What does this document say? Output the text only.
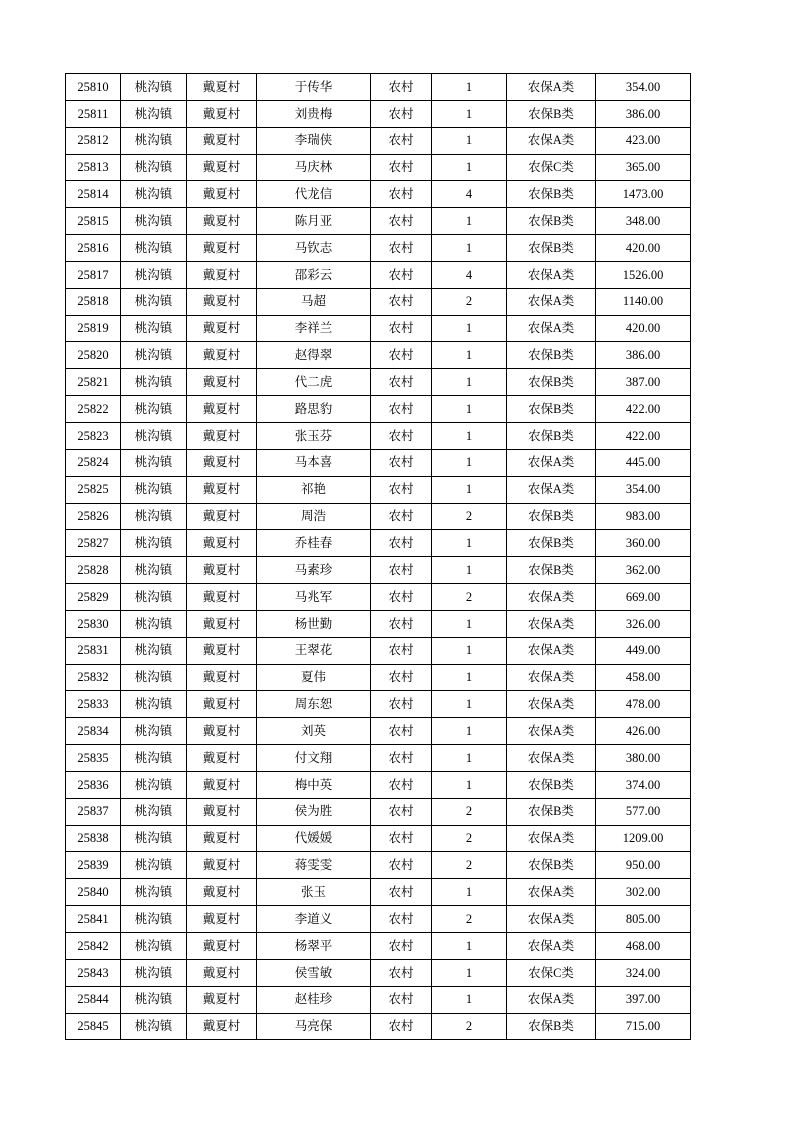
25810	桃沟镇	戴夏村	于传华	农村	1	农保A类	354.00
25811	桃沟镇	戴夏村	刘贵梅	农村	1	农保B类	386.00
25812	桃沟镇	戴夏村	李瑞侠	农村	1	农保A类	423.00
25813	桃沟镇	戴夏村	马庆林	农村	1	农保C类	365.00
25814	桃沟镇	戴夏村	代龙信	农村	4	农保B类	1473.00
25815	桃沟镇	戴夏村	陈月亚	农村	1	农保B类	348.00
25816	桃沟镇	戴夏村	马钦志	农村	1	农保B类	420.00
25817	桃沟镇	戴夏村	邵彩云	农村	4	农保A类	1526.00
25818	桃沟镇	戴夏村	马超	农村	2	农保A类	1140.00
25819	桃沟镇	戴夏村	李祥兰	农村	1	农保A类	420.00
25820	桃沟镇	戴夏村	赵得翠	农村	1	农保B类	386.00
25821	桃沟镇	戴夏村	代二虎	农村	1	农保B类	387.00
25822	桃沟镇	戴夏村	路思豹	农村	1	农保B类	422.00
25823	桃沟镇	戴夏村	张玉芬	农村	1	农保B类	422.00
25824	桃沟镇	戴夏村	马本喜	农村	1	农保A类	445.00
25825	桃沟镇	戴夏村	祁艳	农村	1	农保A类	354.00
25826	桃沟镇	戴夏村	周浩	农村	2	农保B类	983.00
25827	桃沟镇	戴夏村	乔桂春	农村	1	农保B类	360.00
25828	桃沟镇	戴夏村	马素珍	农村	1	农保B类	362.00
25829	桃沟镇	戴夏村	马兆军	农村	2	农保A类	669.00
25830	桃沟镇	戴夏村	杨世勤	农村	1	农保A类	326.00
25831	桃沟镇	戴夏村	王翠花	农村	1	农保A类	449.00
25832	桃沟镇	戴夏村	夏伟	农村	1	农保A类	458.00
25833	桃沟镇	戴夏村	周东恕	农村	1	农保A类	478.00
25834	桃沟镇	戴夏村	刘英	农村	1	农保A类	426.00
25835	桃沟镇	戴夏村	付文翔	农村	1	农保A类	380.00
25836	桃沟镇	戴夏村	梅中英	农村	1	农保B类	374.00
25837	桃沟镇	戴夏村	侯为胜	农村	2	农保B类	577.00
25838	桃沟镇	戴夏村	代媛媛	农村	2	农保A类	1209.00
25839	桃沟镇	戴夏村	蒋雯雯	农村	2	农保B类	950.00
25840	桃沟镇	戴夏村	张玉	农村	1	农保A类	302.00
25841	桃沟镇	戴夏村	李道义	农村	2	农保A类	805.00
25842	桃沟镇	戴夏村	杨翠平	农村	1	农保A类	468.00
25843	桃沟镇	戴夏村	侯雪敏	农村	1	农保C类	324.00
25844	桃沟镇	戴夏村	赵桂珍	农村	1	农保A类	397.00
25845	桃沟镇	戴夏村	马亮保	农村	2	农保B类	715.00
